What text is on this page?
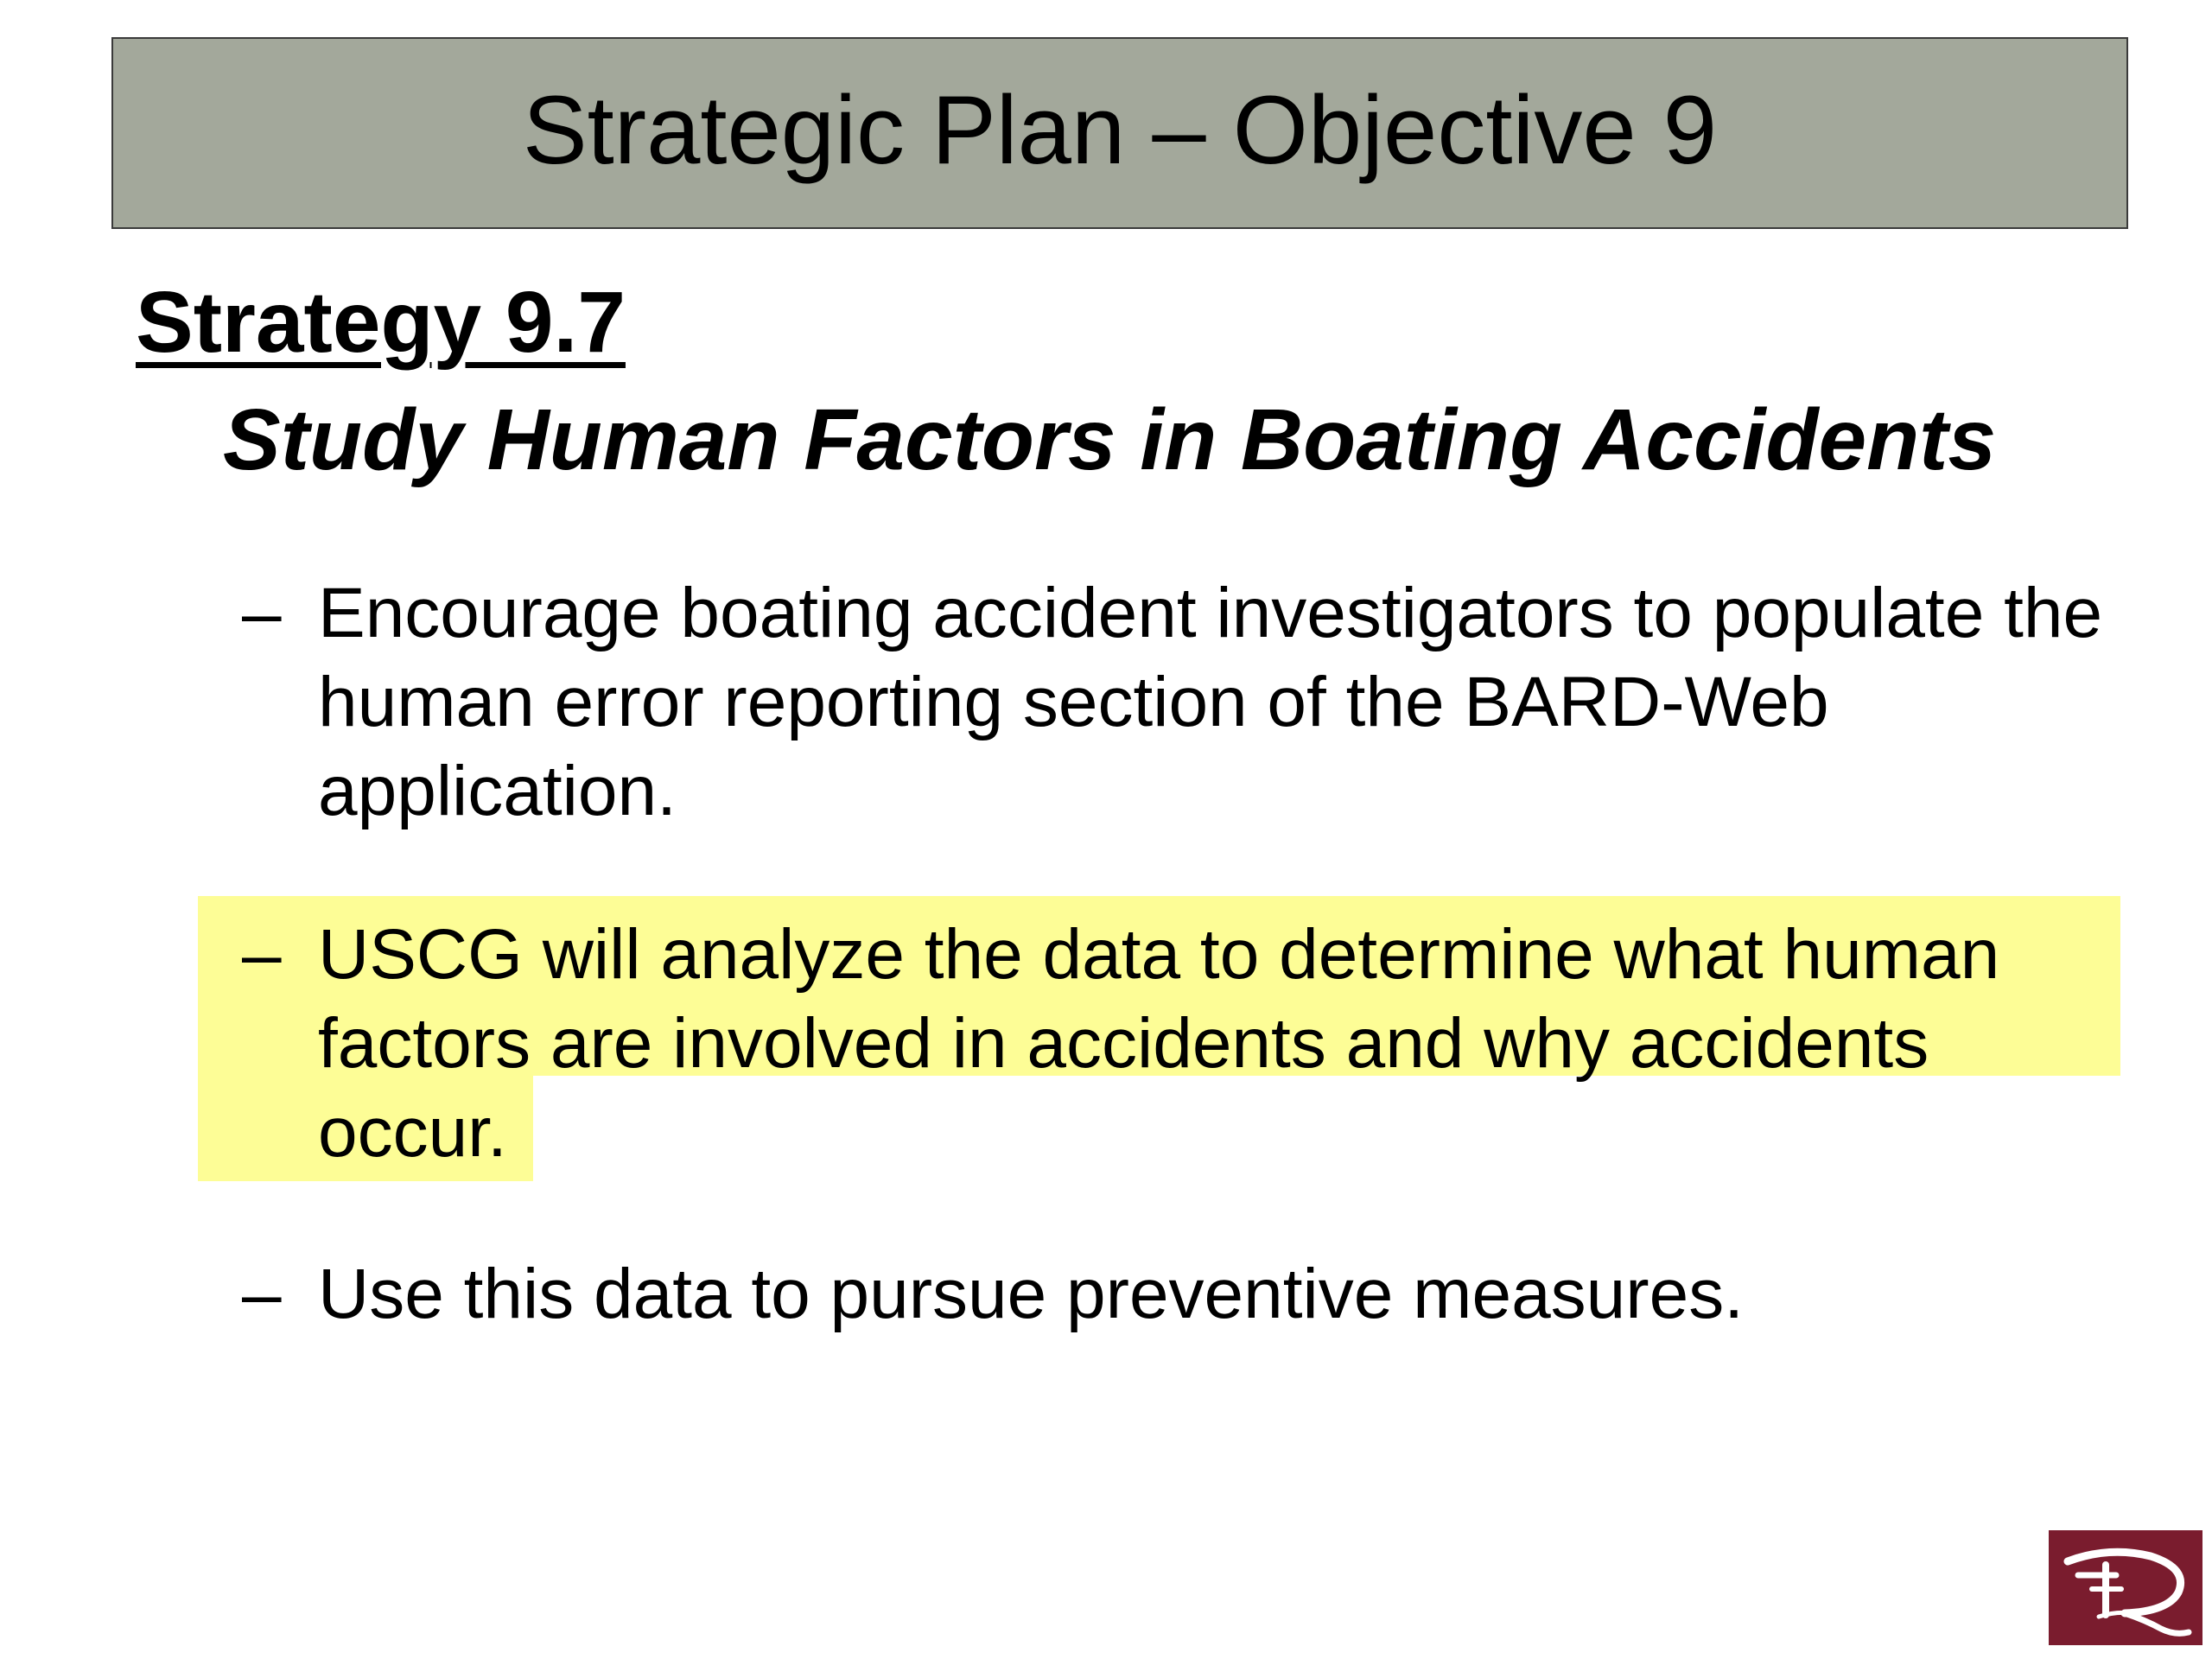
Strategic Plan – Objective 9
Strategy 9.7
Study Human Factors in Boating Accidents
– Encourage boating accident investigators to populate the human error reporting section of the BARD-Web application.
– USCG will analyze the data to determine what human factors are involved in accidents and why accidents occur.
– Use this data to pursue preventive measures.
